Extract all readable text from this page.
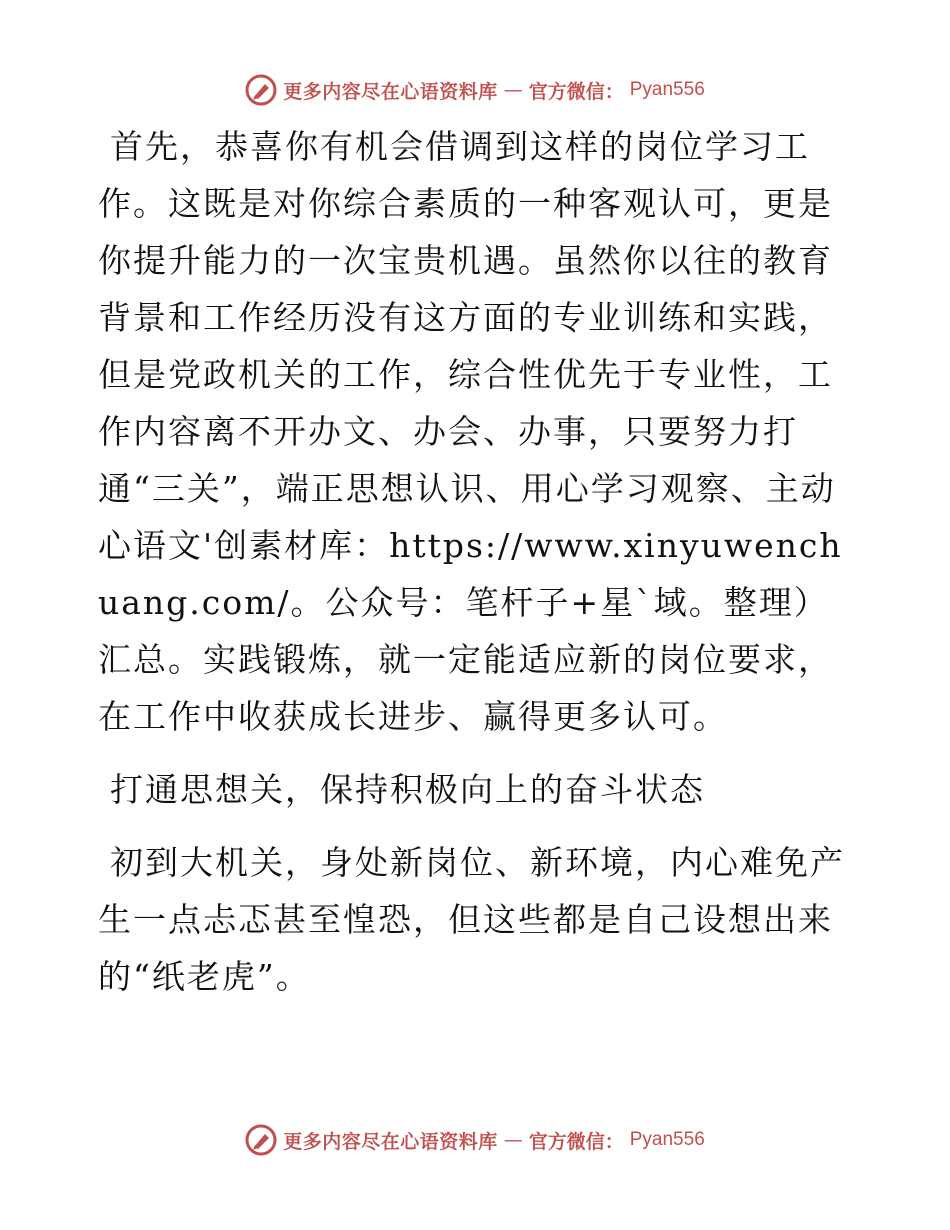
更多内容尽在心语资料库 — 官方微信： Pyan556

首先，恭喜你有机会借调到这样的岗位学习工作。这既是对你综合素质的一种客观认可，更是你提升能力的一次宝贵机遇。虽然你以往的教育背景和工作经历没有这方面的专业训练和实践，但是党政机关的工作，综合性优先于专业性，工作内容离不开办文、办会、办事，只要努力打通“三关”，端正思想认识、用心学习观察、主动心语文'创素材库：https://www.xinyuwenchuang.com/。公众号：笔杆子+星`域。整理）汇总。实践锻炼，就一定能适应新的岗位要求，在工作中收获成长进步、赢得更多认可。

打通思想关，保持积极向上的奋斗状态

初到大机关，身处新岗位、新环境，内心难免产生一点忐忑甚至惶恐，但这些都是自己设想出来的“纸老虎”。

更多内容尽在心语资料库 — 官方微信： Pyan556
